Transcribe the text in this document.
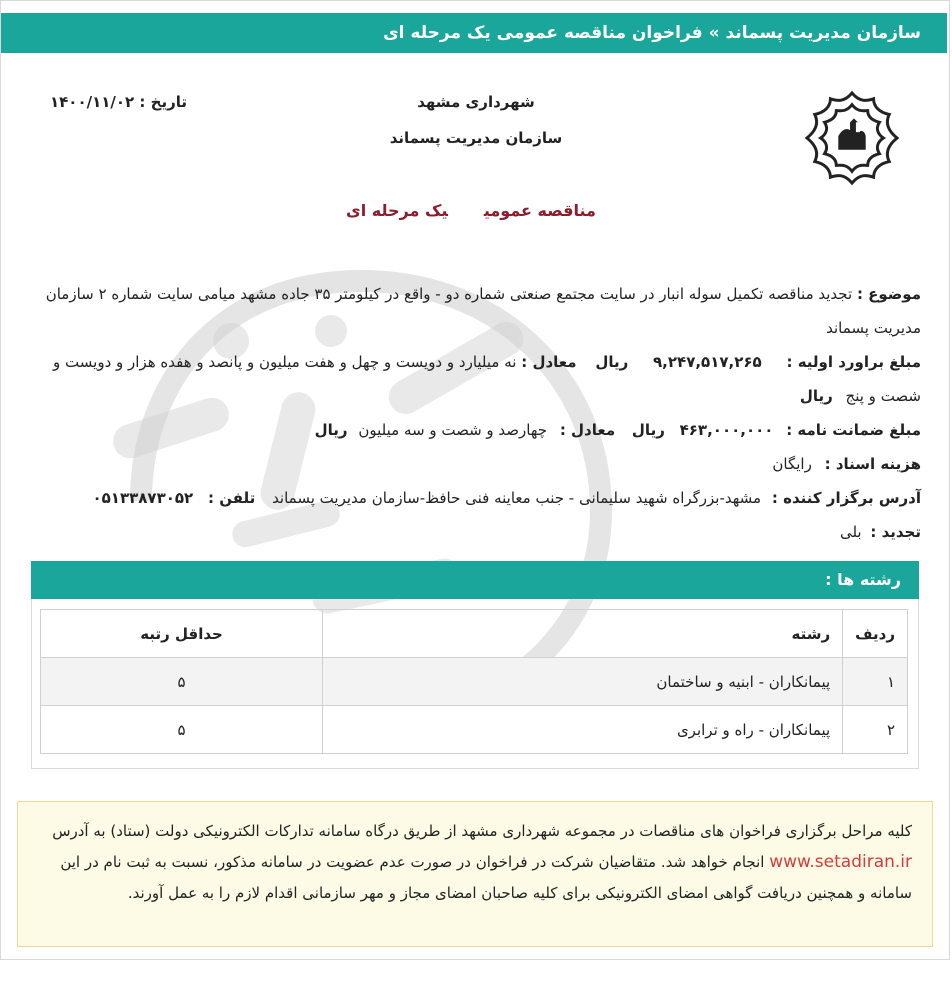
سازمان مدیریت پسماند » فراخوان مناقصه عمومی یک مرحله ای
شهرداری مشهد
سازمان مدیریت پسماند
تاریخ : ۱۴۰۰/۱۱/۰۲
مناقصه عمومییک مرحله ای
موضوع : تجدید مناقصه تکمیل سوله انبار در سایت مجتمع صنعتی شماره دو - واقع در کیلومتر ۳۵ جاده مشهد میامی سایت شماره ۲ سازمان مدیریت پسماند
مبلغ براورد اولیه : ۹,۲۴۷,۵۱۷,۲۶۵ ریال معادل : نه میلیارد و دویست و چهل و هفت میلیون و پانصد و هفده هزار و دویست و شصت و پنج ریال
مبلغ ضمانت نامه : ۴۶۳,۰۰۰,۰۰۰ ریال معادل : چهارصد و شصت و سه میلیون ریال
هزینه اسناد : رایگان
آدرس برگزار کننده : مشهد-بزرگراه شهید سلیمانی - جنب معاینه فنی حافظ-سازمان مدیریت پسماند تلفن : ۰۵۱۳۳۸۷۳۰۵۲
تجدید : بلی
رشته ها :
ردیف	رشته	حداقل رتبه
۱	پیمانکاران - ابنیه و ساختمان	۵
۲	پیمانکاران - راه و ترابری	۵
کلیه مراحل برگزاری فراخوان های مناقصات در مجموعه شهرداری مشهد از طریق درگاه سامانه تدارکات الکترونیکی دولت (ستاد) به آدرس www.setadiran.ir انجام خواهد شد. متقاضیان شرکت در فراخوان در صورت عدم عضویت در سامانه مذکور، نسبت به ثبت نام در این سامانه و همچنین دریافت گواهی امضای الکترونیکی برای کلیه صاحبان امضای مجاز و مهر سازمانی اقدام لازم را به عمل آورند.
